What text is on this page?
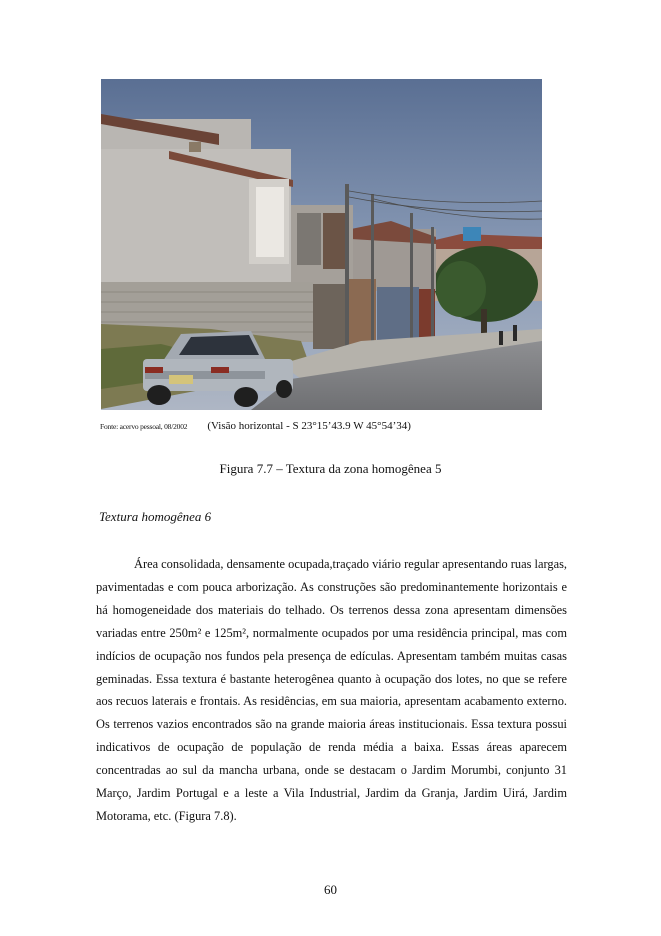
Fonte: acervo pessoal, 08/2002 (Visão horizontal - S 23°15’43.9 W 45°54’34)
Figura 7.7 – Textura da zona homogênea 5
Textura homogênea 6

Área consolidada, densamente ocupada,traçado viário regular apresentando ruas largas, pavimentadas e com pouca arborização. As construções são predominantemente horizontais e há homogeneidade dos materiais do telhado. Os terrenos dessa zona apresentam dimensões variadas entre 250m² e 125m², normalmente ocupados por uma residência principal, mas com indícios de ocupação nos fundos pela presença de edículas. Apresentam também muitas casas geminadas. Essa textura é bastante heterogênea quanto à ocupação dos lotes, no que se refere aos recuos laterais e frontais. As residências, em sua maioria, apresentam acabamento externo. Os terrenos vazios encontrados são na grande maioria áreas institucionais. Essa textura possui indicativos de ocupação de população de renda média a baixa. Essas áreas aparecem concentradas ao sul da mancha urbana, onde se destacam o Jardim Morumbi, conjunto 31 Março, Jardim Portugal e a leste a Vila Industrial, Jardim da Granja, Jardim Uirá, Jardim Motorama, etc. (Figura 7.8).

60
